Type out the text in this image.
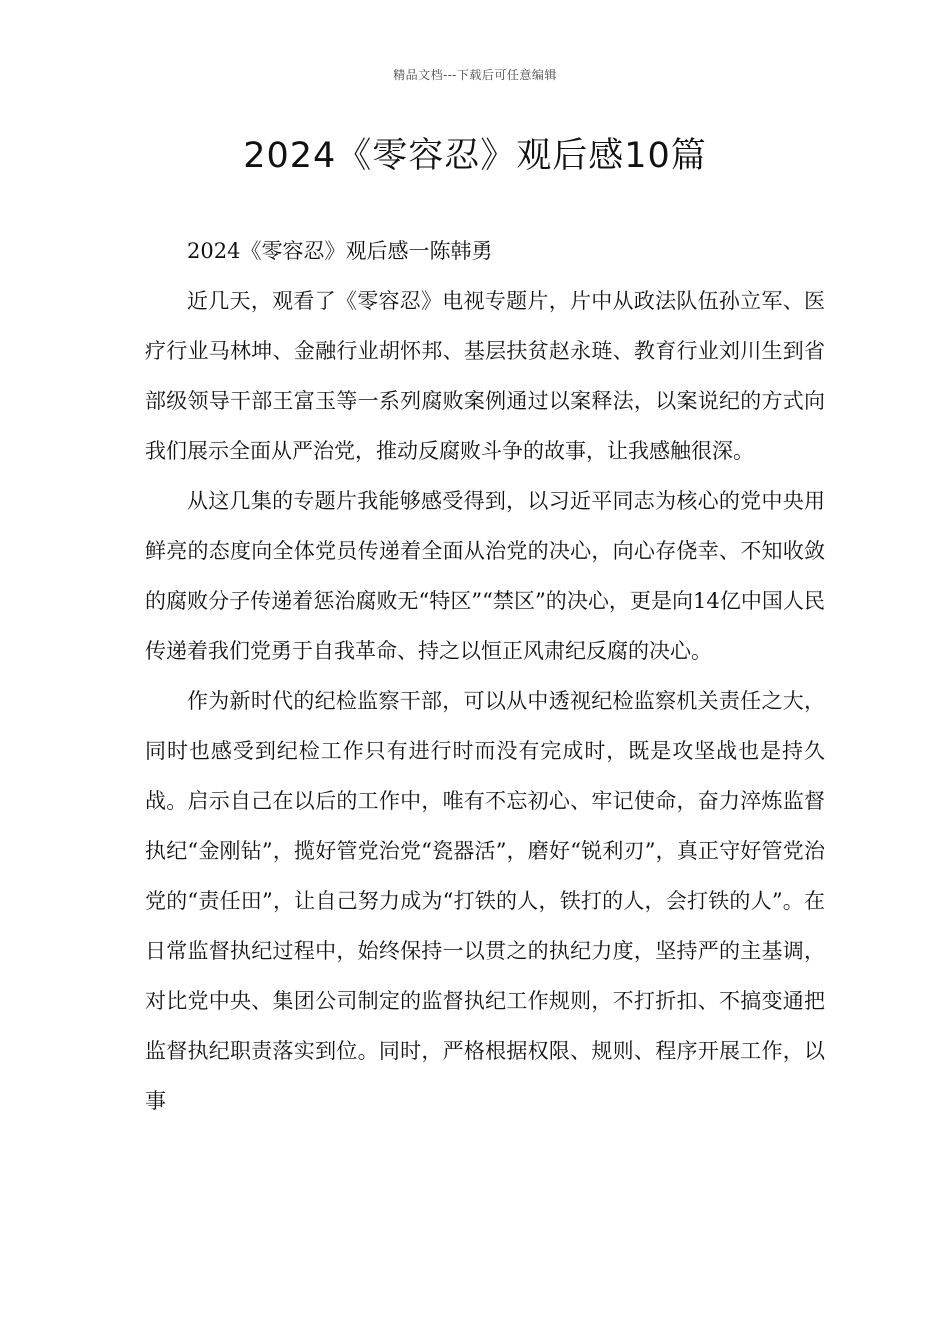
精品文档---下载后可任意编辑
2024《零容忍》观后感10篇

2024《零容忍》观后感一陈韩勇

近几天，观看了《零容忍》电视专题片，片中从政法队伍孙立军、医疗行业马林坤、金融行业胡怀邦、基层扶贫赵永琏、教育行业刘川生到省部级领导干部王富玉等一系列腐败案例通过以案释法，以案说纪的方式向我们展示全面从严治党，推动反腐败斗争的故事，让我感触很深。

从这几集的专题片我能够感受得到，以习近平同志为核心的党中央用鲜亮的态度向全体党员传递着全面从治党的决心，向心存侥幸、不知收敛的腐败分子传递着惩治腐败无“特区”“禁区”的决心，更是向14亿中国人民传递着我们党勇于自我革命、持之以恒正风肃纪反腐的决心。

作为新时代的纪检监察干部，可以从中透视纪检监察机关责任之大，同时也感受到纪检工作只有进行时而没有完成时，既是攻坚战也是持久战。启示自己在以后的工作中，唯有不忘初心、牢记使命，奋力淬炼监督执纪“金刚钻”，揽好管党治党“瓷器活”，磨好“锐利刃”，真正守好管党治党的“责任田”，让自己努力成为“打铁的人，铁打的人，会打铁的人”。在日常监督执纪过程中，始终保持一以贯之的执纪力度，坚持严的主基调，对比党中央、集团公司制定的监督执纪工作规则，不打折扣、不搞变通把监督执纪职责落实到位。同时，严格根据权限、规则、程序开展工作，以事
